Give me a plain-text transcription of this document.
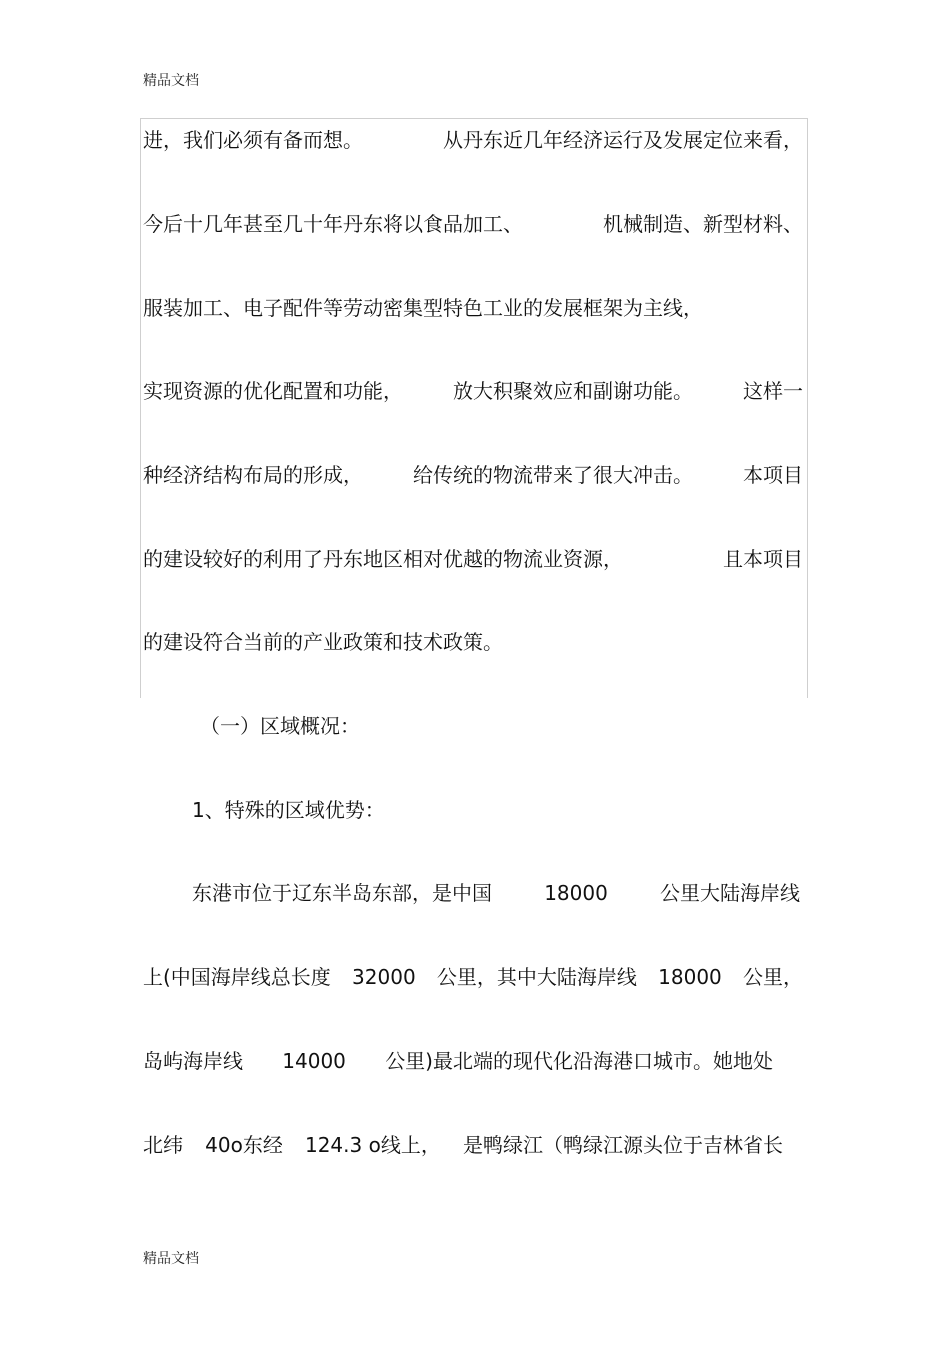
精品文档
进，我们必须有备而想。	从丹东近几年经济运行及发展定位来看，
今后十几年甚至几十年丹东将以食品加工、	机械制造、新型材料、
服装加工、电子配件等劳动密集型特色工业的发展框架为主线，
实现资源的优化配置和功能，	放大积聚效应和副谢功能。	这样一
种经济结构布局的形成，	给传统的物流带来了很大冲击。	本项目
的建设较好的利用了丹东地区相对优越的物流业资源，	且本项目
的建设符合当前的产业政策和技术政策。
（一）区域概况：
1、特殊的区域优势：
东港市位于辽东半岛东部，是中国	18000	公里大陆海岸线
上(中国海岸线总长度 32000 公里，其中大陆海岸线 18000 公里，
岛屿海岸线 14000 公里)最北端的现代化沿海港口城市。她地处
北纬 40o东经 124.3 o线上， 是鸭绿江（鸭绿江源头位于吉林省长
精品文档
